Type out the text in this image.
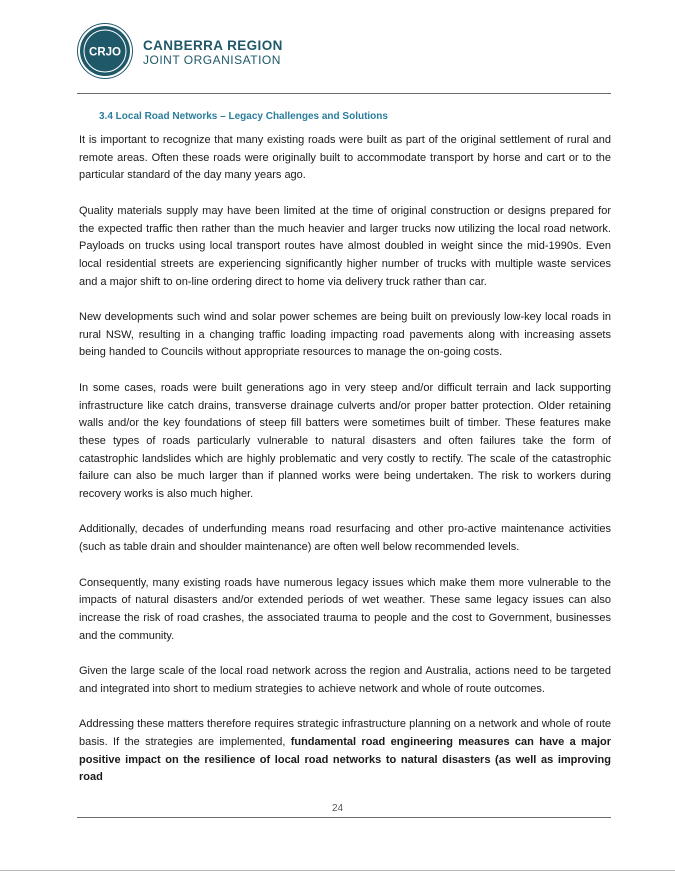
CRJO CANBERRA REGION
JOINT ORGANISATION
3.4 Local Road Networks – Legacy Challenges and Solutions

It is important to recognize that many existing roads were built as part of the original settlement of rural and remote areas. Often these roads were originally built to accommodate transport by horse and cart or to the particular standard of the day many years ago.

Quality materials supply may have been limited at the time of original construction or designs prepared for the expected traffic then rather than the much heavier and larger trucks now utilizing the local road network. Payloads on trucks using local transport routes have almost doubled in weight since the mid-1990s. Even local residential streets are experiencing significantly higher number of trucks with multiple waste services and a major shift to on-line ordering direct to home via delivery truck rather than car.

New developments such wind and solar power schemes are being built on previously low-key local roads in rural NSW, resulting in a changing traffic loading impacting road pavements along with increasing assets being handed to Councils without appropriate resources to manage the on-going costs.

In some cases, roads were built generations ago in very steep and/or difficult terrain and lack supporting infrastructure like catch drains, transverse drainage culverts and/or proper batter protection. Older retaining walls and/or the key foundations of steep fill batters were sometimes built of timber. These features make these types of roads particularly vulnerable to natural disasters and often failures take the form of catastrophic landslides which are highly problematic and very costly to rectify. The scale of the catastrophic failure can also be much larger than if planned works were being undertaken. The risk to workers during recovery works is also much higher.

Additionally, decades of underfunding means road resurfacing and other pro-active maintenance activities (such as table drain and shoulder maintenance) are often well below recommended levels.

Consequently, many existing roads have numerous legacy issues which make them more vulnerable to the impacts of natural disasters and/or extended periods of wet weather. These same legacy issues can also increase the risk of road crashes, the associated trauma to people and the cost to Government, businesses and the community.

Given the large scale of the local road network across the region and Australia, actions need to be targeted and integrated into short to medium strategies to achieve network and whole of route outcomes.

Addressing these matters therefore requires strategic infrastructure planning on a network and whole of route basis. If the strategies are implemented, fundamental road engineering measures can have a major positive impact on the resilience of local road networks to natural disasters (as well as improving road

24
